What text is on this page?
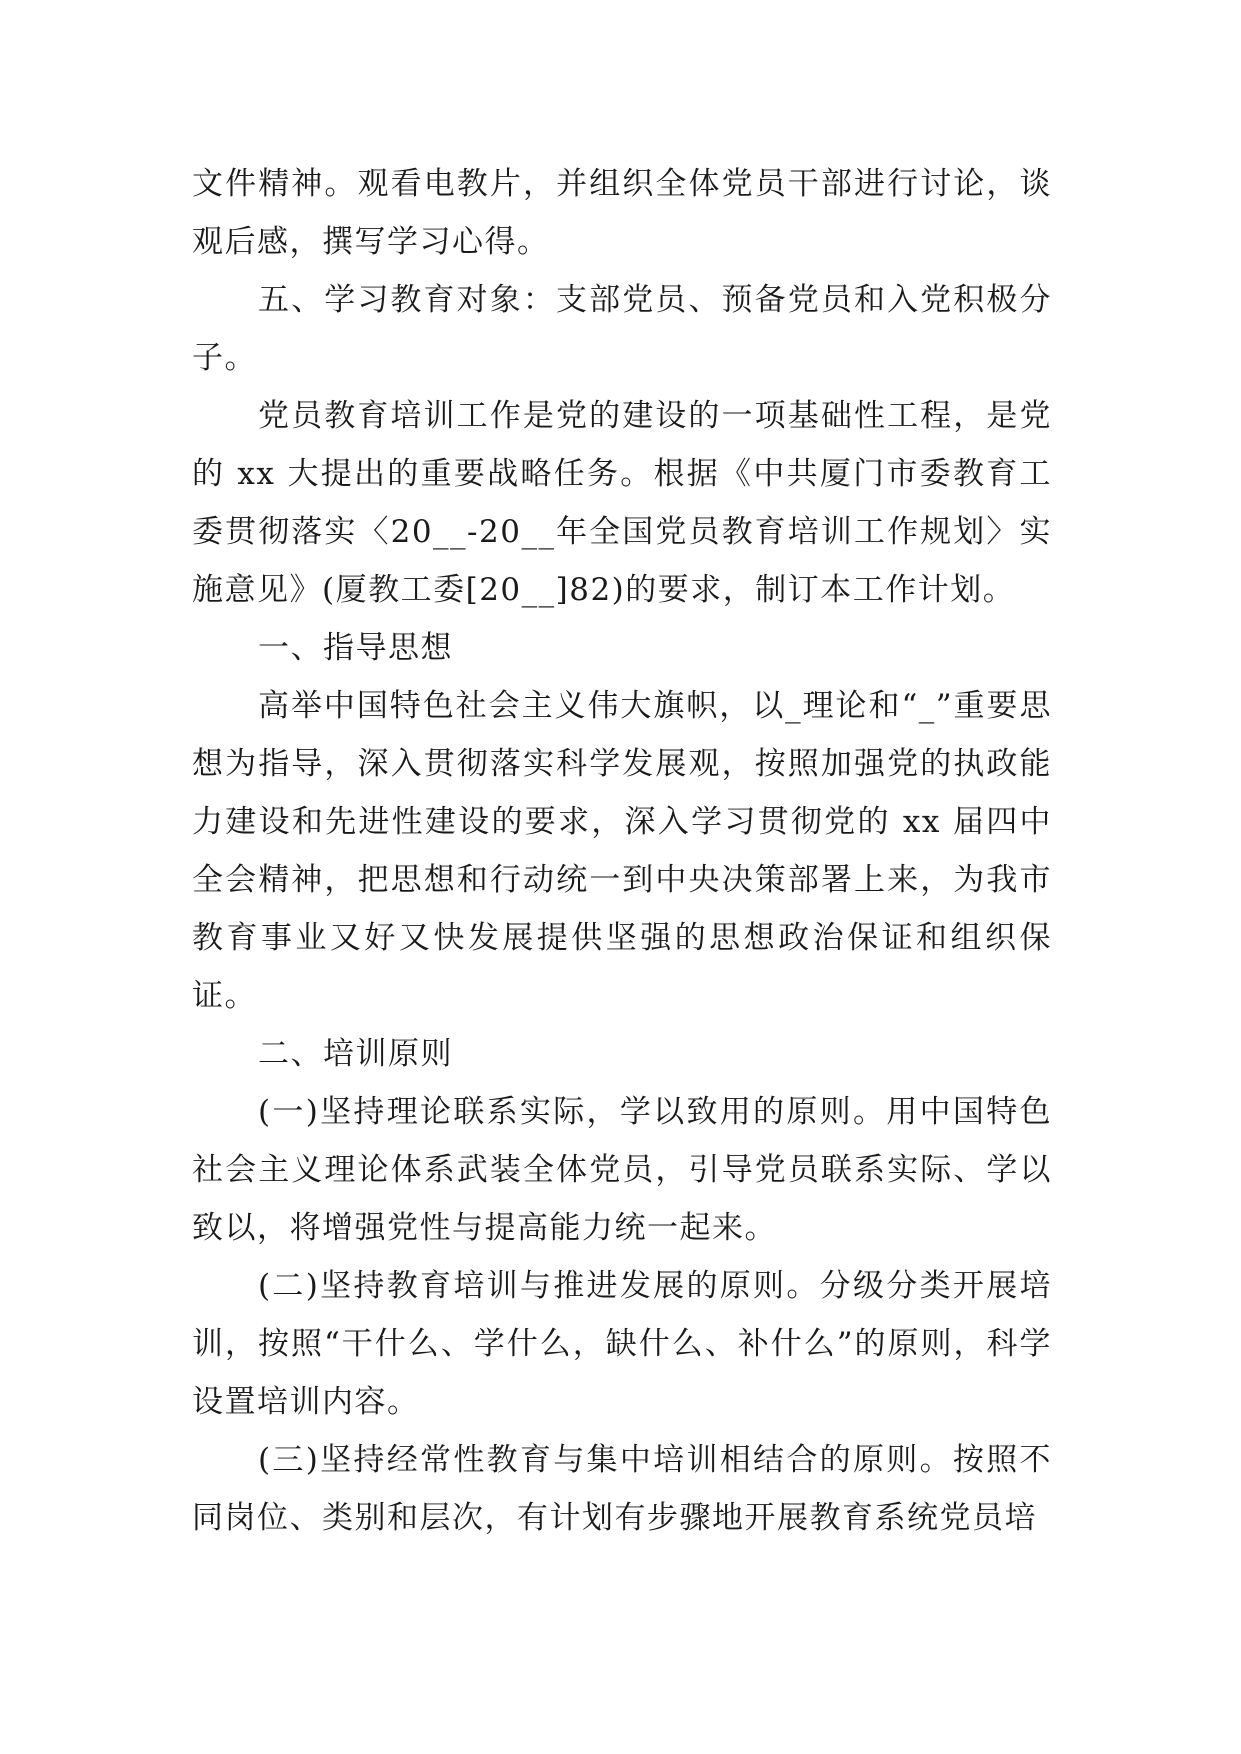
文件精神。观看电教片，并组织全体党员干部进行讨论，谈观后感，撰写学习心得。

五、学习教育对象：支部党员、预备党员和入党积极分子。

党员教育培训工作是党的建设的一项基础性工程，是党的 xx 大提出的重要战略任务。根据《中共厦门市委教育工委贯彻落实〈20__-20__年全国党员教育培训工作规划〉实施意见》(厦教工委[20__]82)的要求，制订本工作计划。

一、指导思想

高举中国特色社会主义伟大旗帜，以_理论和“_”重要思想为指导，深入贯彻落实科学发展观，按照加强党的执政能力建设和先进性建设的要求，深入学习贯彻党的 xx 届四中全会精神，把思想和行动统一到中央决策部署上来，为我市教育事业又好又快发展提供坚强的思想政治保证和组织保证。

二、培训原则

(一)坚持理论联系实际，学以致用的原则。用中国特色社会主义理论体系武装全体党员，引导党员联系实际、学以致以，将增强党性与提高能力统一起来。

(二)坚持教育培训与推进发展的原则。分级分类开展培训，按照“干什么、学什么，缺什么、补什么”的原则，科学设置培训内容。

(三)坚持经常性教育与集中培训相结合的原则。按照不同岗位、类别和层次，有计划有步骤地开展教育系统党员培
